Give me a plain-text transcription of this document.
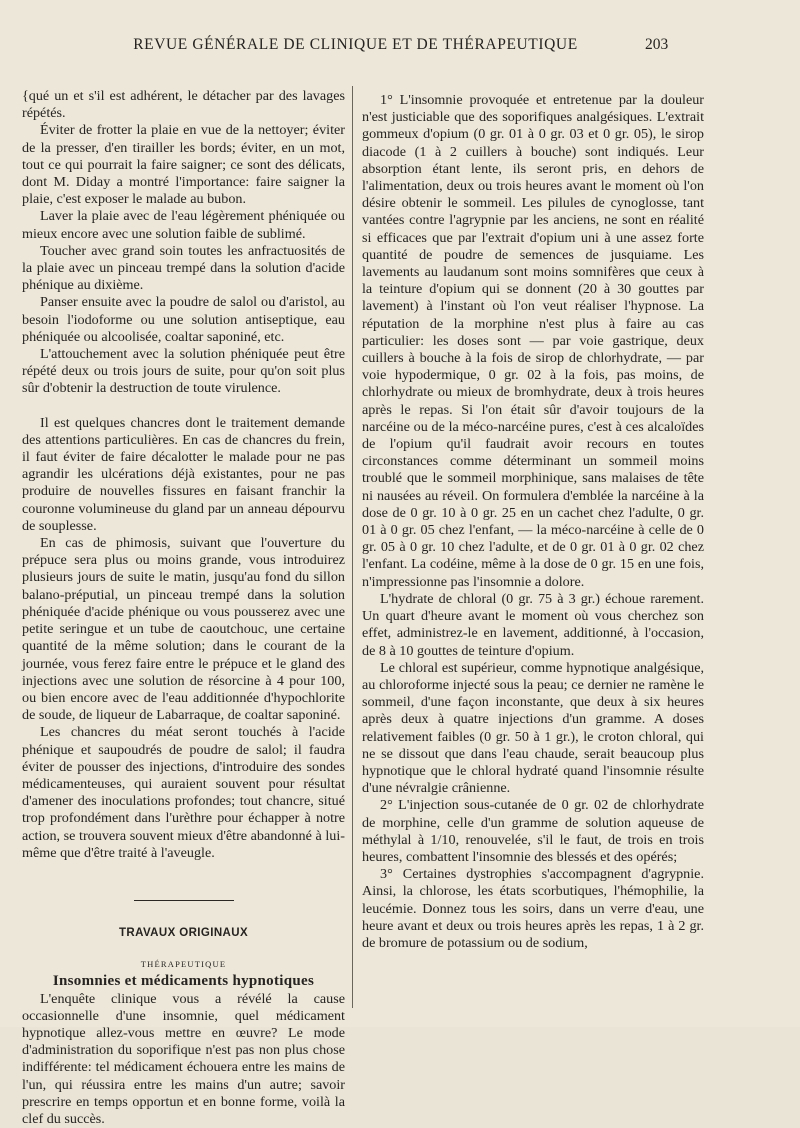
REVUE GÉNÉRALE DE CLINIQUE ET DE THÉRAPEUTIQUE	203

{qué un et s'il est adhérent, le détacher par des lavages répétés.

Éviter de frotter la plaie en vue de la nettoyer; éviter de la presser, d'en tirailler les bords; éviter, en un mot, tout ce qui pourrait la faire saigner; ce sont des délicats, dont M. Diday a montré l'importance: faire saigner la plaie, c'est exposer le malade au bubon.

Laver la plaie avec de l'eau légèrement phéniquée ou mieux encore avec une solution faible de sublimé.

Toucher avec grand soin toutes les anfractuosités de la plaie avec un pinceau trempé dans la solution d'acide phénique au dixième.

Panser ensuite avec la poudre de salol ou d'aristol, au besoin l'iodoforme ou une solution antiseptique, eau phéniquée ou alcoolisée, coaltar saponiné, etc.

L'attouchement avec la solution phéniquée peut être répété deux ou trois jours de suite, pour qu'on soit plus sûr d'obtenir la destruction de toute virulence.

Il est quelques chancres dont le traitement demande des attentions particulières. En cas de chancres du frein, il faut éviter de faire décalotter le malade pour ne pas agrandir les ulcérations déjà existantes, pour ne pas produire de nouvelles fissures en faisant franchir la couronne volumineuse du gland par un anneau dépourvu de souplesse.

En cas de phimosis, suivant que l'ouverture du prépuce sera plus ou moins grande, vous introduirez plusieurs jours de suite le matin, jusqu'au fond du sillon balano-préputial, un pinceau trempé dans la solution phéniquée d'acide phénique ou vous pousserez avec une petite seringue et un tube de caoutchouc, une certaine quantité de la même solution; dans le courant de la journée, vous ferez faire entre le prépuce et le gland des injections avec une solution de résorcine à 4 pour 100, ou bien encore avec de l'eau additionnée d'hypochlorite de soude, de liqueur de Labarraque, de coaltar saponiné.

Les chancres du méat seront touchés à l'acide phénique et saupoudrés de poudre de salol; il faudra éviter de pousser des injections, d'introduire des sondes médicamenteuses, qui auraient souvent pour résultat d'amener des inoculations profondes; tout chancre, situé trop profondément dans l'urèthre pour échapper à notre action, se trouvera souvent mieux d'être abandonné à lui-même que d'être traité à l'aveugle.

TRAVAUX ORIGINAUX

THÉRAPEUTIQUE

Insomnies et médicaments hypnotiques

L'enquête clinique vous a révélé la cause occasionnelle d'une insomnie, quel médicament hypnotique allez-vous mettre en œuvre? Le mode d'administration du soporifique n'est pas non plus chose indifférente: tel médicament échouera entre les mains de l'un, qui réussira entre les mains d'un autre; savoir prescrire en temps opportun et en bonne forme, voilà la clef du succès.

1° L'insomnie provoquée et entretenue par la douleur n'est justiciable que des soporifiques analgésiques. L'extrait gommeux d'opium (0 gr. 01 à 0 gr. 03 et 0 gr. 05), le sirop diacode (1 à 2 cuillers à bouche) sont indiqués. Leur absorption étant lente, ils seront pris, en dehors de l'alimentation, deux ou trois heures avant le moment où l'on désire obtenir le sommeil. Les pilules de cynoglosse, tant vantées contre l'agrypnie par les anciens, ne sont en réalité si efficaces que par l'extrait d'opium uni à une assez forte quantité de poudre de semences de jusquiame. Les lavements au laudanum sont moins somnifères que ceux à la teinture d'opium qui se donnent (20 à 30 gouttes par lavement) à l'instant où l'on veut réaliser l'hypnose. La réputation de la morphine n'est plus à faire au cas particulier: les doses sont — par voie gastrique, deux cuillers à bouche à la fois de sirop de chlorhydrate, — par voie hypodermique, 0 gr. 02 à la fois, pas moins, de chlorhydrate ou mieux de bromhydrate, deux à trois heures après le repas. Si l'on était sûr d'avoir toujours de la narcéine ou de la méco-narcéine pures, c'est à ces alcaloïdes de l'opium qu'il faudrait avoir recours en toutes circonstances comme déterminant un sommeil moins troublé que le sommeil morphinique, sans malaises de tête ni nausées au réveil. On formulera d'emblée la narcéine à la dose de 0 gr. 10 à 0 gr. 25 en un cachet chez l'adulte, 0 gr. 01 à 0 gr. 05 chez l'enfant, — la méco-narcéine à celle de 0 gr. 05 à 0 gr. 10 chez l'adulte, et de 0 gr. 01 à 0 gr. 02 chez l'enfant. La codéine, même à la dose de 0 gr. 15 en une fois, n'impressionne pas l'insomnie a dolore.

L'hydrate de chloral (0 gr. 75 à 3 gr.) échoue rarement. Un quart d'heure avant le moment où vous cherchez son effet, administrez-le en lavement, additionné, à l'occasion, de 8 à 10 gouttes de teinture d'opium.

Le chloral est supérieur, comme hypnotique analgésique, au chloroforme injecté sous la peau; ce dernier ne ramène le sommeil, d'une façon inconstante, que deux à six heures après deux à quatre injections d'un gramme. A doses relativement faibles (0 gr. 50 à 1 gr.), le croton chloral, qui ne se dissout que dans l'eau chaude, serait beaucoup plus hypnotique que le chloral hydraté quand l'insomnie résulte d'une névralgie crânienne.

2° L'injection sous-cutanée de 0 gr. 02 de chlorhydrate de morphine, celle d'un gramme de solution aqueuse de méthylal à 1/10, renouvelée, s'il le faut, de trois en trois heures, combattent l'insomnie des blessés et des opérés;

3° Certaines dystrophies s'accompagnent d'agrypnie. Ainsi, la chlorose, les états scorbutiques, l'hémophilie, la leucémie. Donnez tous les soirs, dans un verre d'eau, une heure avant et deux ou trois heures après les repas, 1 à 2 gr. de bromure de potassium ou de sodium,
